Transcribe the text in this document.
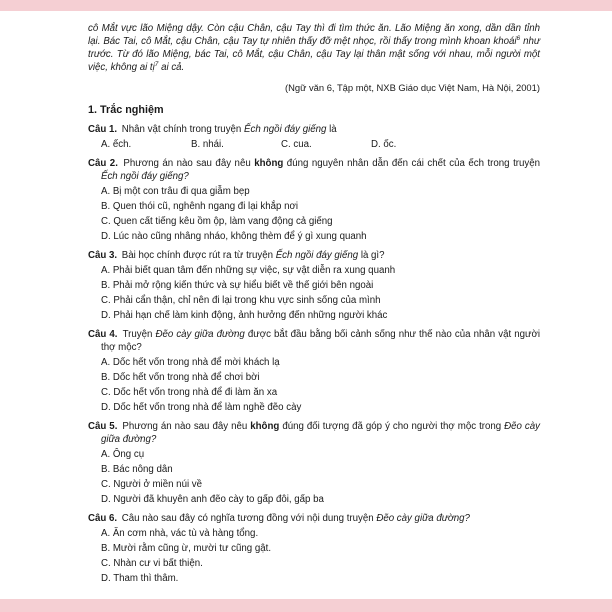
cô Mắt vực lão Miệng dậy. Còn cậu Chân, cậu Tay thì đi tìm thức ăn. Lão Miệng ăn xong, dần dần tỉnh lại. Bác Tai, cô Mắt, cậu Chân, cậu Tay tự nhiên thấy đỡ mệt nhọc, rồi thấy trong mình khoan khoái$^6$ như trước. Từ đó lão Miệng, bác Tai, cô Mắt, cậu Chân, cậu Tay lại thân mật sống với nhau, mỗi người một việc, không ai tị$^7$ ai cả.

(Ngữ văn 6, Tập một, NXB Giáo dục Việt Nam, Hà Nội, 2001)

1. Trắc nghiệm

Câu 1. Nhân vật chính trong truyện Ếch ngồi đáy giếng là

A. ếch.	B. nhái.	C. cua.	D. ốc.

Câu 2. Phương án nào sau đây nêu không đúng nguyên nhân dẫn đến cái chết của ếch trong truyện Ếch ngồi đáy giếng?

A. Bị một con trâu đi qua giẫm bẹp
B. Quen thói cũ, nghênh ngang đi lại khắp nơi
C. Quen cất tiếng kêu ồm ộp, làm vang động cả giếng
D. Lúc nào cũng nhâng nháo, không thèm để ý gì xung quanh

Câu 3. Bài học chính được rút ra từ truyện Ếch ngồi đáy giếng là gì?

A. Phải biết quan tâm đến những sự việc, sự vật diễn ra xung quanh
B. Phải mở rộng kiến thức và sự hiểu biết về thế giới bên ngoài
C. Phải cẩn thận, chỉ nên đi lại trong khu vực sinh sống của mình
D. Phải hạn chế làm kinh động, ảnh hưởng đến những người khác

Câu 4. Truyện Đẽo cày giữa đường được bắt đầu bằng bối cảnh sống như thế nào của nhân vật người thợ mộc?

A. Dốc hết vốn trong nhà để mời khách lạ
B. Dốc hết vốn trong nhà để chơi bời
C. Dốc hết vốn trong nhà để đi làm ăn xa
D. Dốc hết vốn trong nhà để làm nghề đẽo cày

Câu 5. Phương án nào sau đây nêu không đúng đối tượng đã góp ý cho người thợ mộc trong Đẽo cày giữa đường?

A. Ông cụ
B. Bác nông dân
C. Người ở miền núi về
D. Người đã khuyên anh đẽo cày to gấp đôi, gấp ba

Câu 6. Câu nào sau đây có nghĩa tương đồng với nội dung truyện Đẽo cày giữa đường?

A. Ăn cơm nhà, vác tù và hàng tổng.
B. Mười rằm cũng ừ, mười tư cũng gật.
C. Nhàn cư vi bất thiện.
D. Tham thì thâm.
